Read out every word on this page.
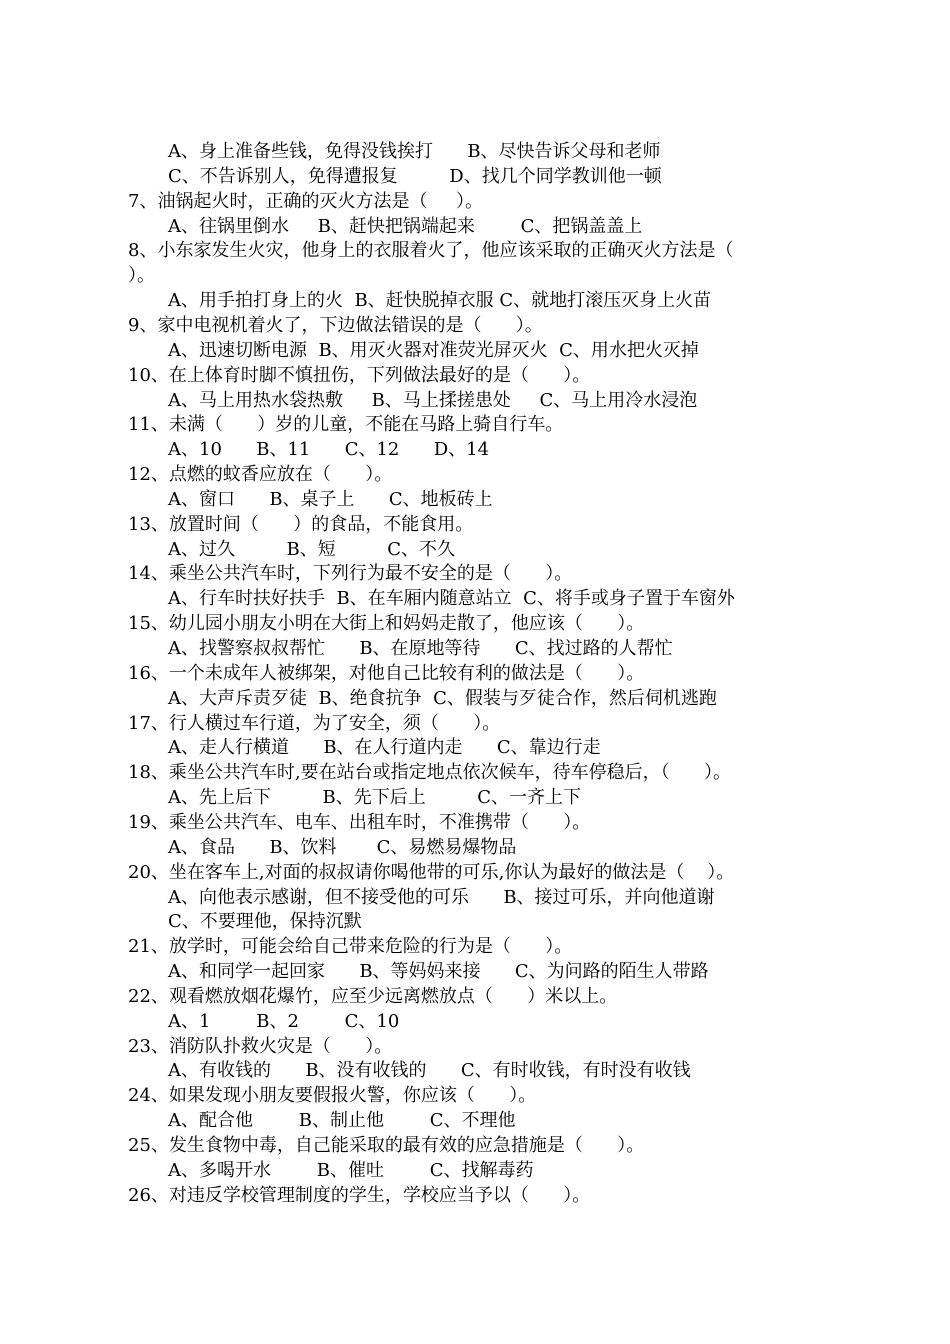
A、身上准备些钱，免得没钱挨打      B、尽快告诉父母和老师
C、不告诉别人，免得遭报复         D、找几个同学教训他一顿
7、油锅起火时，正确的灭火方法是（     ）。
A、往锅里倒水     B、赶快把锅端起来        C、把锅盖盖上
8、小东家发生火灾，他身上的衣服着火了，他应该采取的正确灭火方法是（
）。
A、用手拍打身上的火  B、赶快脱掉衣服 C、就地打滚压灭身上火苗
9、家中电视机着火了，下边做法错误的是（      ）。
A、迅速切断电源  B、用灭火器对准荧光屏灭火  C、用水把火灭掉
10、在上体育时脚不慎扭伤，下列做法最好的是（      ）。
A、马上用热水袋热敷     B、马上揉搓患处     C、马上用冷水浸泡
11、未满（      ）岁的儿童，不能在马路上骑自行车。
A、10      B、11      C、12      D、14
12、点燃的蚊香应放在（      ）。
A、窗口      B、桌子上      C、地板砖上
13、放置时间（      ）的食品，不能食用。
A、过久         B、短         C、不久
14、乘坐公共汽车时，下列行为最不安全的是（      ）。
A、行车时扶好扶手  B、在车厢内随意站立  C、将手或身子置于车窗外
15、幼儿园小朋友小明在大街上和妈妈走散了，他应该（      ）。
A、找警察叔叔帮忙      B、在原地等待      C、找过路的人帮忙
16、一个未成年人被绑架，对他自己比较有利的做法是（      ）。
A、大声斥责歹徒  B、绝食抗争  C、假装与歹徒合作，然后伺机逃跑
17、行人横过车行道，为了安全，须（      ）。
A、走人行横道      B、在人行道内走      C、靠边行走
18、乘坐公共汽车时,要在站台或指定地点依次候车，待车停稳后，（      ）。
A、先上后下         B、先下后上         C、一齐上下
19、乘坐公共汽车、电车、出租车时，不准携带（      ）。
A、食品      B、饮料       C、易燃易爆物品
20、坐在客车上,对面的叔叔请你喝他带的可乐,你认为最好的做法是（    ）。
A、向他表示感谢，但不接受他的可乐      B、接过可乐，并向他道谢
C、不要理他，保持沉默
21、放学时，可能会给自己带来危险的行为是（      ）。
A、和同学一起回家      B、等妈妈来接      C、为问路的陌生人带路
22、观看燃放烟花爆竹，应至少远离燃放点（      ）米以上。
A、1        B、2        C、10
23、消防队扑救火灾是（      ）。
A、有收钱的      B、没有收钱的      C、有时收钱，有时没有收钱
24、如果发现小朋友要假报火警，你应该（      ）。
A、配合他        B、制止他        C、不理他
25、发生食物中毒，自己能采取的最有效的应急措施是（      ）。
A、多喝开水        B、催吐        C、找解毒药
26、对违反学校管理制度的学生，学校应当予以（      ）。
